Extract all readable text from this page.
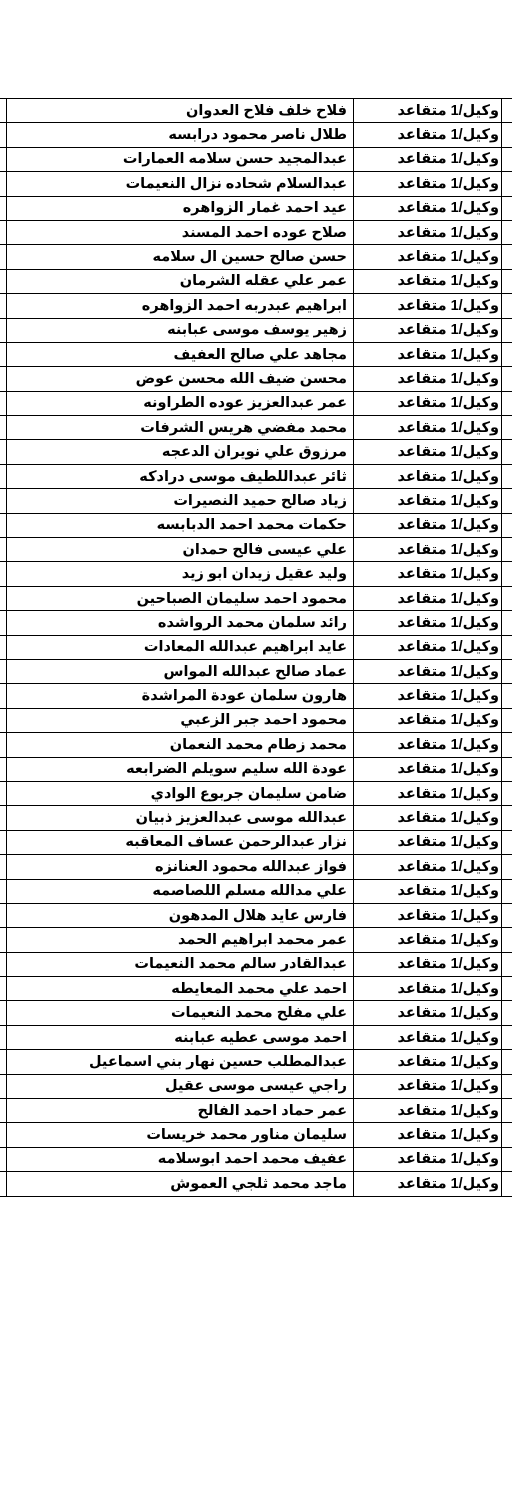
	وكيل/1 متقاعد	فلاح خلف فلاح العدوان	
	وكيل/1 متقاعد	طلال ناصر محمود درابسه	
	وكيل/1 متقاعد	عبدالمجيد حسن سلامه العمارات	
	وكيل/1 متقاعد	عبدالسلام شحاده نزال النعيمات	
	وكيل/1 متقاعد	عيد احمد غمار الزواهره	
	وكيل/1 متقاعد	صلاح عوده احمد المسند	
	وكيل/1 متقاعد	حسن صالح حسين ال سلامه	
	وكيل/1 متقاعد	عمر علي عقله الشرمان	
	وكيل/1 متقاعد	ابراهيم عبدربه احمد الزواهره	
	وكيل/1 متقاعد	زهير يوسف موسى عبابنه	
	وكيل/1 متقاعد	مجاهد علي صالح العفيف	
	وكيل/1 متقاعد	محسن ضيف الله محسن عوض	
	وكيل/1 متقاعد	عمر عبدالعزيز عوده الطراونه	
	وكيل/1 متقاعد	محمد مفضي هريس الشرفات	
	وكيل/1 متقاعد	مرزوق علي نويران الدعجه	
	وكيل/1 متقاعد	ثائر عبداللطيف موسى درادكه	
	وكيل/1 متقاعد	زياد صالح حميد النصيرات	
	وكيل/1 متقاعد	حكمات محمد احمد الدبابسه	
	وكيل/1 متقاعد	علي عيسى فالح حمدان	
	وكيل/1 متقاعد	وليد عقيل زيدان ابو زيد	
	وكيل/1 متقاعد	محمود احمد سليمان الصباحين	
	وكيل/1 متقاعد	رائد سلمان محمد الرواشده	
	وكيل/1 متقاعد	عايد ابراهيم عبدالله المعادات	
	وكيل/1 متقاعد	عماد صالح عبدالله المواس	
	وكيل/1 متقاعد	هارون سلمان عودة المراشدة	
	وكيل/1 متقاعد	محمود احمد جبر الزعبي	
	وكيل/1 متقاعد	محمد زطام محمد النعمان	
	وكيل/1 متقاعد	عودة الله سليم سويلم الضرابعه	
	وكيل/1 متقاعد	ضامن سليمان جربوع الوادي	
	وكيل/1 متقاعد	عبدالله موسى عبدالعزيز ذبيان	
	وكيل/1 متقاعد	نزار عبدالرحمن عساف المعاقبه	
	وكيل/1 متقاعد	فواز عبدالله محمود العنانزه	
	وكيل/1 متقاعد	علي مدالله مسلم اللصاصمه	
	وكيل/1 متقاعد	فارس عايد هلال المدهون	
	وكيل/1 متقاعد	عمر محمد ابراهيم الحمد	
	وكيل/1 متقاعد	عبدالقادر سالم محمد النعيمات	
	وكيل/1 متقاعد	احمد علي محمد المعايطه	
	وكيل/1 متقاعد	علي مفلح محمد النعيمات	
	وكيل/1 متقاعد	احمد موسى عطيه عبابنه	
	وكيل/1 متقاعد	عبدالمطلب حسين نهار بني اسماعيل	
	وكيل/1 متقاعد	راجي عيسى موسى عقيل	
	وكيل/1 متقاعد	عمر حماد احمد الفالح	
	وكيل/1 متقاعد	سليمان مناور محمد خريسات	
	وكيل/1 متقاعد	عفيف محمد احمد ابوسلامه	
	وكيل/1 متقاعد	ماجد محمد ثلجي العموش	
